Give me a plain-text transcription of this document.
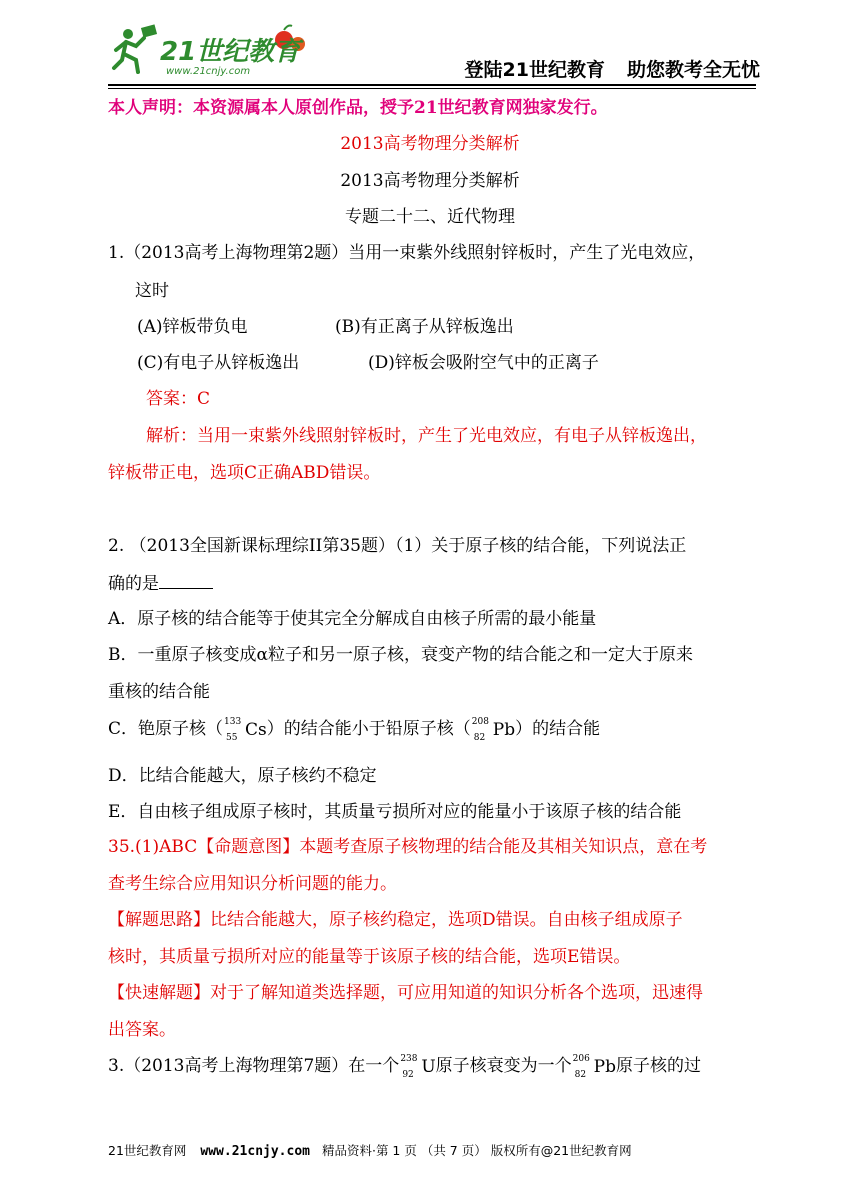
21世纪教育
www.21cnjy.com	登陆21世纪教育 助您教考全无忧
本人声明：本资源属本人原创作品，授予21世纪教育网独家发行。
2013高考物理分类解析
2013高考物理分类解析
专题二十二、近代物理
1.（2013高考上海物理第2题）当用一束紫外线照射锌板时，产生了光电效应，
这时
(A)锌板带负电	(B)有正离子从锌板逸出
(C)有电子从锌板逸出	(D)锌板会吸附空气中的正离子
答案：C
解析：当用一束紫外线照射锌板时，产生了光电效应，有电子从锌板逸出，
锌板带正电，选项C正确ABD错误。
2. （2013全国新课标理综II第35题）（1）关于原子核的结合能，下列说法正
确的是
A．原子核的结合能等于使其完全分解成自由核子所需的最小能量
B．一重原子核变成α粒子和另一原子核，衰变产物的结合能之和一定大于原来
重核的结合能
C．铯原子核（ 133
55 Cs）的结合能小于铅原子核（ 208
82 Pb）的结合能
D．比结合能越大，原子核约不稳定
E．自由核子组成原子核时，其质量亏损所对应的能量小于该原子核的结合能
35.(1)ABC【命题意图】本题考查原子核物理的结合能及其相关知识点，意在考
查考生综合应用知识分析问题的能力。
【解题思路】比结合能越大，原子核约稳定，选项D错误。自由核子组成原子
核时，其质量亏损所对应的能量等于该原子核的结合能，选项E错误。
【快速解题】对于了解知道类选择题，可应用知道的知识分析各个选项，迅速得
出答案。
3.（2013高考上海物理第7题）在一个 238
92 U原子核衰变为一个 206
82 Pb原子核的过
21世纪教育网 www.21cnjy.com 精品资料·第 1 页 （共 7 页） 版权所有@21世纪教育网
